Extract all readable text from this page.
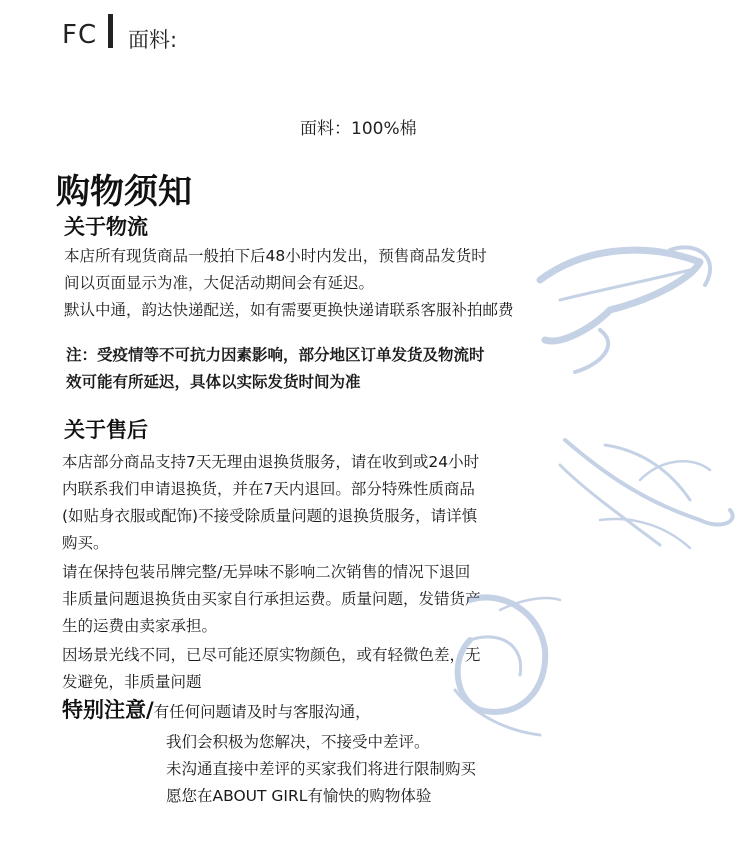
FC 面料:
面料：100%棉
购物须知
关于物流
本店所有现货商品一般拍下后48小时内发出，预售商品发货时
间以页面显示为准，大促活动期间会有延迟。
默认中通，韵达快递配送，如有需要更换快递请联系客服补拍邮费
注：受疫情等不可抗力因素影响，部分地区订单发货及物流时
效可能有所延迟，具体以实际发货时间为准
关于售后
本店部分商品支持7天无理由退换货服务，请在收到或24小时
内联系我们申请退换货，并在7天内退回。部分特殊性质商品
(如贴身衣服或配饰)不接受除质量问题的退换货服务，请详慎
购买。
请在保持包装吊牌完整/无异味不影响二次销售的情况下退回
非质量问题退换货由买家自行承担运费。质量问题，发错货产
生的运费由卖家承担。
因场景光线不同，已尽可能还原实物颜色，或有轻微色差，无
发避免，非质量问题
特别注意/有任何问题请及时与客服沟通，
我们会积极为您解决，不接受中差评。
未沟通直接中差评的买家我们将进行限制购买
愿您在ABOUT GIRL有愉快的购物体验
